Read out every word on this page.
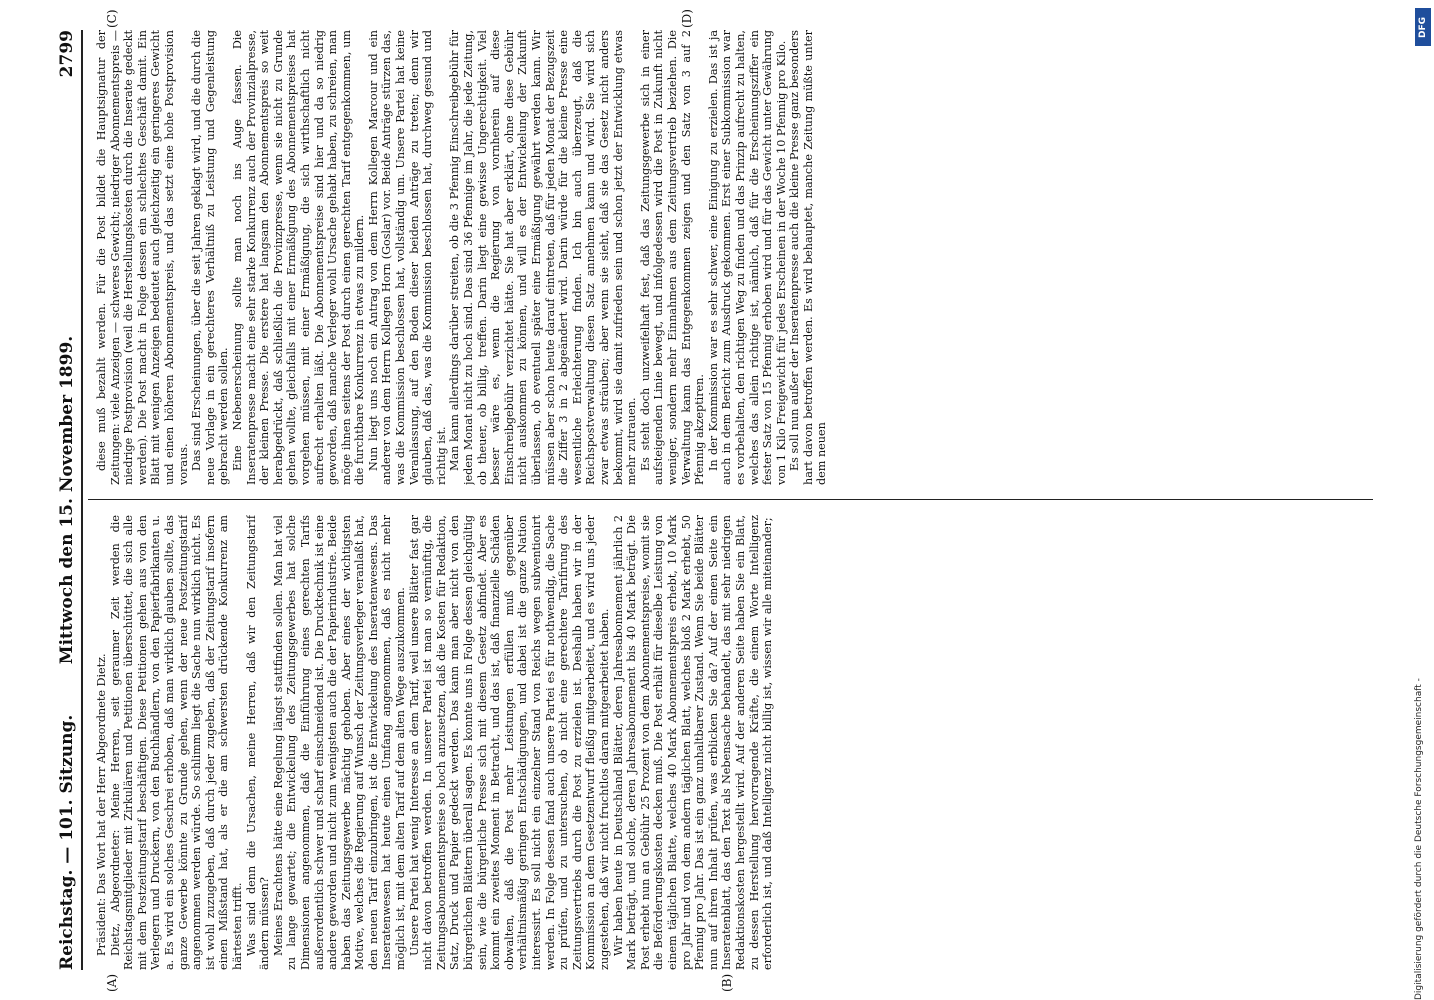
Reichstag. — 101. Sitzung.
Mittwoch den 15. November 1899.
2799
(A)	(B)
(C)	(D)

Präsident: Das Wort hat der Herr Abgeordnete Dietz. Dietz, Abgeordneter: Meine Herren, seit geraumer Zeit werden die Reichstagsmitglieder mit Zirkulären und Petitionen überschüttet, die sich alle mit dem Postzeitungstarif beschäftigen. Diese Petitionen gehen aus von den Verlegern und Druckern, von den Buchhändlern, von den Papierfabrikanten u. a. Es wird ein solches Geschrei erhoben, daß man wirklich glauben sollte, das ganze Gewerbe könnte zu Grunde gehen, wenn der neue Postzeitungstarif angenommen werden würde. So schlimm liegt die Sache nun wirklich nicht. Es ist wohl zuzugeben, daß durch jeder zugeben, daß der Zeitungstarif insofern einen Mißstand hat, als er die am schwersten drückende Konkurrenz am härtesten trifft. Was sind denn die Ursachen, meine Herren, daß wir den Zeitungstarif ändern müssen? Meines Erachtens hätte eine Regelung längst stattfinden sollen. Man hat viel zu lange gewartet; die Entwickelung des Zeitungsgewerbes hat solche Dimensionen angenommen, daß die Einführung eines gerechten Tarifs außerordentlich schwer und scharf einschneidend ist. Die Drucktechnik ist eine andere geworden und nicht zum wenigsten auch die der Papierindustrie. Beide haben das Zeitungsgewerbe mächtig gehoben. Aber eines der wichtigsten Motive, welches die Regierung auf Wunsch der Zeitungsverleger veranlaßt hat, den neuen Tarif einzubringen, ist die Entwickelung des Inseratenwesens. Das Inseratenwesen hat heute einen Umfang angenommen, daß es nicht mehr möglich ist, mit dem alten Tarif auf dem alten Wege auszukommen. Unsere Partei hat wenig Interesse an dem Tarif, weil unsere Blätter fast gar nicht davon betroffen werden. In unserer Partei ist man so vernünftig, die Zeitungsabonnementspreise so hoch anzusetzen, daß die Kosten für Redaktion, Satz, Druck und Papier gedeckt werden. Das kann man aber nicht von den bürgerlichen Blättern überall sagen. Es konnte uns in Folge dessen gleichgültig sein, wie die bürgerliche Presse sich mit diesem Gesetz abfindet. Aber es kommt ein zweites Moment in Betracht, und das ist, daß finanzielle Schäden obwalten, daß die Post mehr Leistungen erfüllen muß gegenüber verhältnismäßig geringen Entschädigungen, und dabei ist die ganze Nation interessirt. Es soll nicht ein einzelner Stand von Reichs wegen subventionirt werden. In Folge dessen fand auch unsere Partei es für nothwendig, die Sache zu prüfen, und zu untersuchen, ob nicht eine gerechtere Tarifirung des Zeitungsvertriebs durch die Post zu erzielen ist. Deshalb haben wir in der Kommission an dem Gesetzentwurf fleißig mitgearbeitet, und es wird uns jeder zugestehen, daß wir nicht fruchtlos daran mitgearbeitet haben. Wir haben heute in Deutschland Blätter, deren Jahresabonnement jährlich 2 Mark beträgt, und solche, deren Jahresabonnement bis 40 Mark beträgt. Die Post erhebt nun an Gebühr 25 Prozent von dem Abonnementspreise, womit sie die Beförderungskosten decken muß. Die Post erhält für dieselbe Leistung von einem täglichen Blatte, welches 40 Mark Abonnementspreis erhebt, 10 Mark pro Jahr und von dem andern täglichen Blatt, welches bloß 2 Mark erhebt, 50 Pfennig pro Jahr. Das ist ein ganz unhaltbarer Zustand. Wenn Sie beide Blätter nun auf ihren Inhalt prüfen, was erblicken Sie da? Auf der einen Seite ein Inseratenblatt, das den Text als Nebensache behandelt, das mit sehr niedrigen Redaktionskosten hergestellt wird. Auf der anderen Seite haben Sie ein Blatt, zu dessen Herstellung hervorragende Kräfte, die einem Worte Intelligenz erforderlich ist, und daß Intelligenz nicht billig ist, wissen wir alle miteinander;

diese muß bezahlt werden. Für die Post bildet die Hauptsignatur der Zeitungen: viele Anzeigen — schweres Gewicht; niedriger Abonnementspreis — niedrige Postprovision (weil die Herstellungskosten durch die Inserate gedeckt werden). Die Post macht in Folge dessen ein schlechtes Geschäft damit. Ein Blatt mit wenigen Anzeigen bedeutet auch gleichzeitig ein geringeres Gewicht und einen höheren Abonnementspreis, und das setzt eine hohe Postprovision voraus. Das sind Erscheinungen, über die seit Jahren geklagt wird, und die durch die neue Vorlage in ein gerechteres Verhältniß zu Leistung und Gegenleistung gebracht werden sollen. Eine Nebenerscheinung sollte man noch ins Auge fassen. Die Inseratenpresse macht eine sehr starke Konkurrenz auch der Provinzialpresse, der kleinen Presse. Die erstere hat langsam den Abonnementspreis so weit herabgedrückt, daß schließlich die Provinzpresse, wenn sie nicht zu Grunde gehen wollte, gleichfalls mit einer Ermäßigung des Abonnementspreises hat vorgehen müssen, mit einer Ermäßigung, die sich wirthschaftlich nicht aufrecht erhalten läßt. Die Abonnementspreise sind hier und da so niedrig geworden, daß manche Verleger wohl Ursache gehabt haben, zu schreien, man möge ihnen seitens der Post durch einen gerechten Tarif entgegenkommen, um die furchtbare Konkurrenz in etwas zu mildern. Nun liegt uns noch ein Antrag von dem Herrn Kollegen Marcour und ein anderer von dem Herrn Kollegen Horn (Goslar) vor. Beide Anträge stürzen das, was die Kommission beschlossen hat, vollständig um. Unsere Partei hat keine Veranlassung, auf den Boden dieser beiden Anträge zu treten; denn wir glauben, daß das, was die Kommission beschlossen hat, durchweg gesund und richtig ist. Man kann allerdings darüber streiten, ob die 3 Pfennig Einschreibgebühr für jeden Monat nicht zu hoch sind. Das sind 36 Pfennige im Jahr, die jede Zeitung, ob theuer, ob billig, treffen. Darin liegt eine gewisse Ungerechtigkeit. Viel besser wäre es, wenn die Regierung von vornherein auf diese Einschreibgebühr verzichtet hätte. Sie hat aber erklärt, ohne diese Gebühr nicht auskommen zu können, und will es der Entwickelung der Zukunft überlassen, ob eventuell später eine Ermäßigung gewährt werden kann. Wir müssen aber schon heute darauf eintreten, daß für jeden Monat der Bezugszeit die Ziffer 3 in 2 abgeändert wird. Darin würde für die kleine Presse eine wesentliche Erleichterung finden. Ich bin auch überzeugt, daß die Reichspostverwaltung diesen Satz annehmen kann und wird. Sie wird sich zwar etwas sträuben; aber wenn sie sieht, daß sie das Gesetz nicht anders bekommt, wird sie damit zufrieden sein und schon jetzt der Entwicklung etwas mehr zutrauen. Es steht doch unzweifelhaft fest, daß das Zeitungsgewerbe sich in einer aufsteigenden Linie bewegt, und infolgedessen wird die Post in Zukunft nicht weniger, sondern mehr Einnahmen aus dem Zeitungsvertrieb beziehen. Die Verwaltung kann das Entgegenkommen zeigen und den Satz von 3 auf 2 Pfennig akzeptiren. In der Kommission war es sehr schwer, eine Einigung zu erzielen. Das ist ja auch in dem Bericht zum Ausdruck gekommen. Erst einer Subkommission war es vorbehalten, den richtigen Weg zu finden und das Prinzip aufrecht zu halten, welches das allein richtige ist, nämlich, daß für die Erscheinungsziffer ein fester Satz von 15 Pfennig erhoben wird und für das Gewicht unter Gewährung von 1 Kilo Freigewicht für jedes Erscheinen in der Woche 10 Pfennig pro Kilo. Es soll nun außer der Inseratenpresse auch die kleine Presse ganz besonders hart davon betroffen werden. Es wird behauptet, manche Zeitung müßte unter dem neuen

DFG
Digitalisierung gefördert durch die Deutsche Forschungsgemeinschaft -
